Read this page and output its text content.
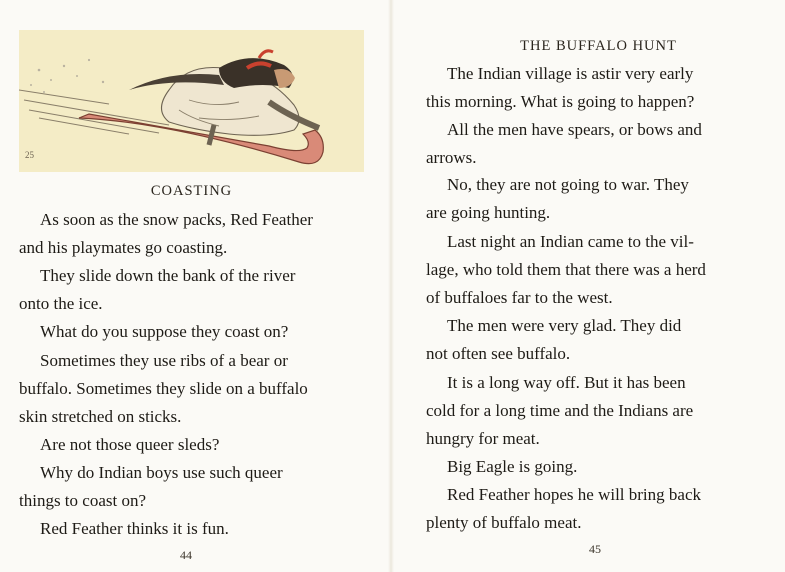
25
COASTING
As soon as the snow packs, Red Feather
and his playmates go coasting.
They slide down the bank of the river
onto the ice.
What do you suppose they coast on?
Sometimes they use ribs of a bear or
buffalo. Sometimes they slide on a buffalo
skin stretched on sticks.
Are not those queer sleds?
Why do Indian boys use such queer
things to coast on?
Red Feather thinks it is fun.
44
THE BUFFALO HUNT
The Indian village is astir very early
this morning. What is going to happen?
All the men have spears, or bows and
arrows.
No, they are not going to war. They
are going hunting.
Last night an Indian came to the vil-
lage, who told them that there was a herd
of buffaloes far to the west.
The men were very glad. They did
not often see buffalo.
It is a long way off. But it has been
cold for a long time and the Indians are
hungry for meat.
Big Eagle is going.
Red Feather hopes he will bring back
plenty of buffalo meat.
45
